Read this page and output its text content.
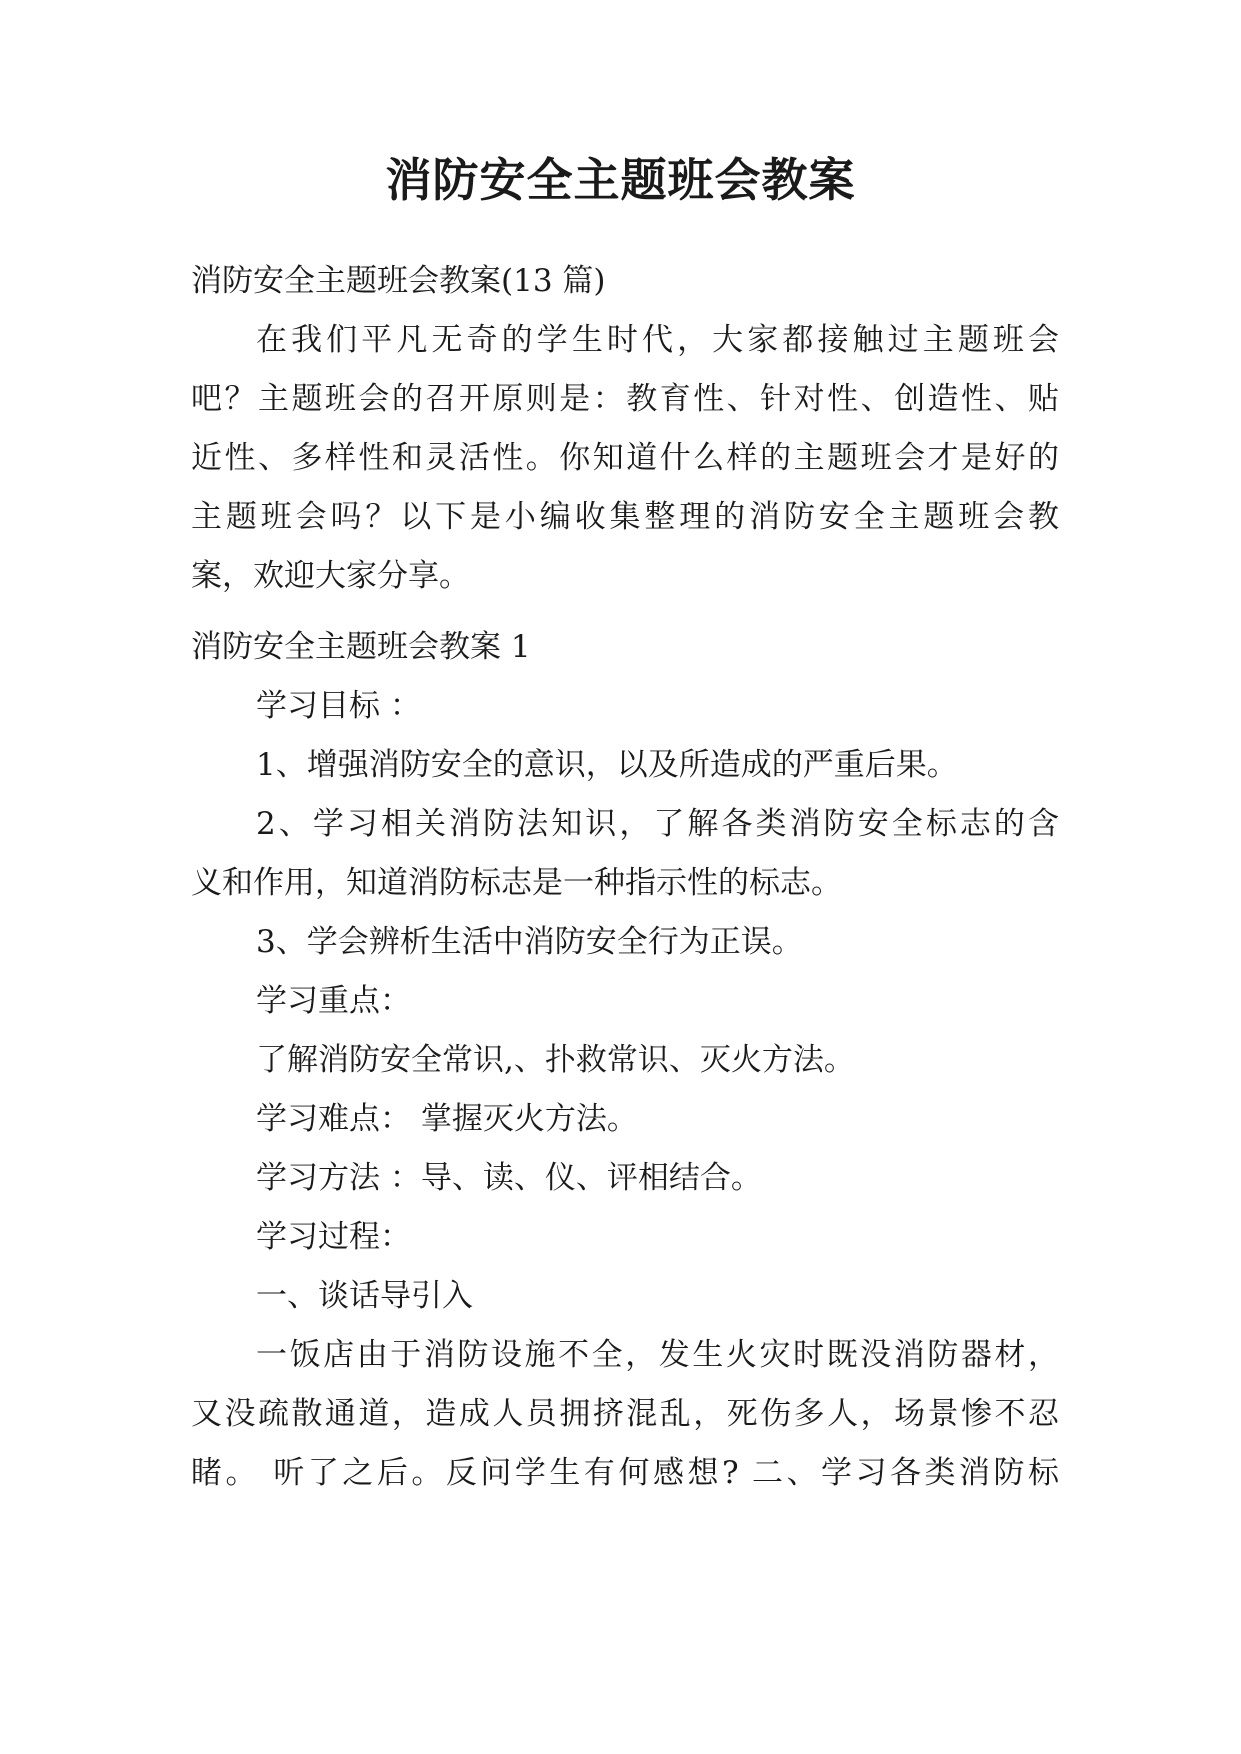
消防安全主题班会教案
消防安全主题班会教案(13 篇)
在我们平凡无奇的学生时代，大家都接触过主题班会
吧？主题班会的召开原则是：教育性、针对性、创造性、贴
近性、多样性和灵活性。你知道什么样的主题班会才是好的
主题班会吗？以下是小编收集整理的消防安全主题班会教
案，欢迎大家分享。
消防安全主题班会教案 1
学习目标 ：
1、增强消防安全的意识，以及所造成的严重后果。
2、学习相关消防法知识，了解各类消防安全标志的含
义和作用，知道消防标志是一种指示性的标志。
3、学会辨析生活中消防安全行为正误。
学习重点：
了解消防安全常识,、扑救常识、灭火方法。
学习难点： 掌握灭火方法。
学习方法 ：导、读、仪、评相结合。
学习过程：
一、谈话导引入
一饭店由于消防设施不全，发生火灾时既没消防器材，
又没疏散通道，造成人员拥挤混乱，死伤多人，场景惨不忍
睹。 听了之后。反问学生有何感想? 二、学习各类消防标
